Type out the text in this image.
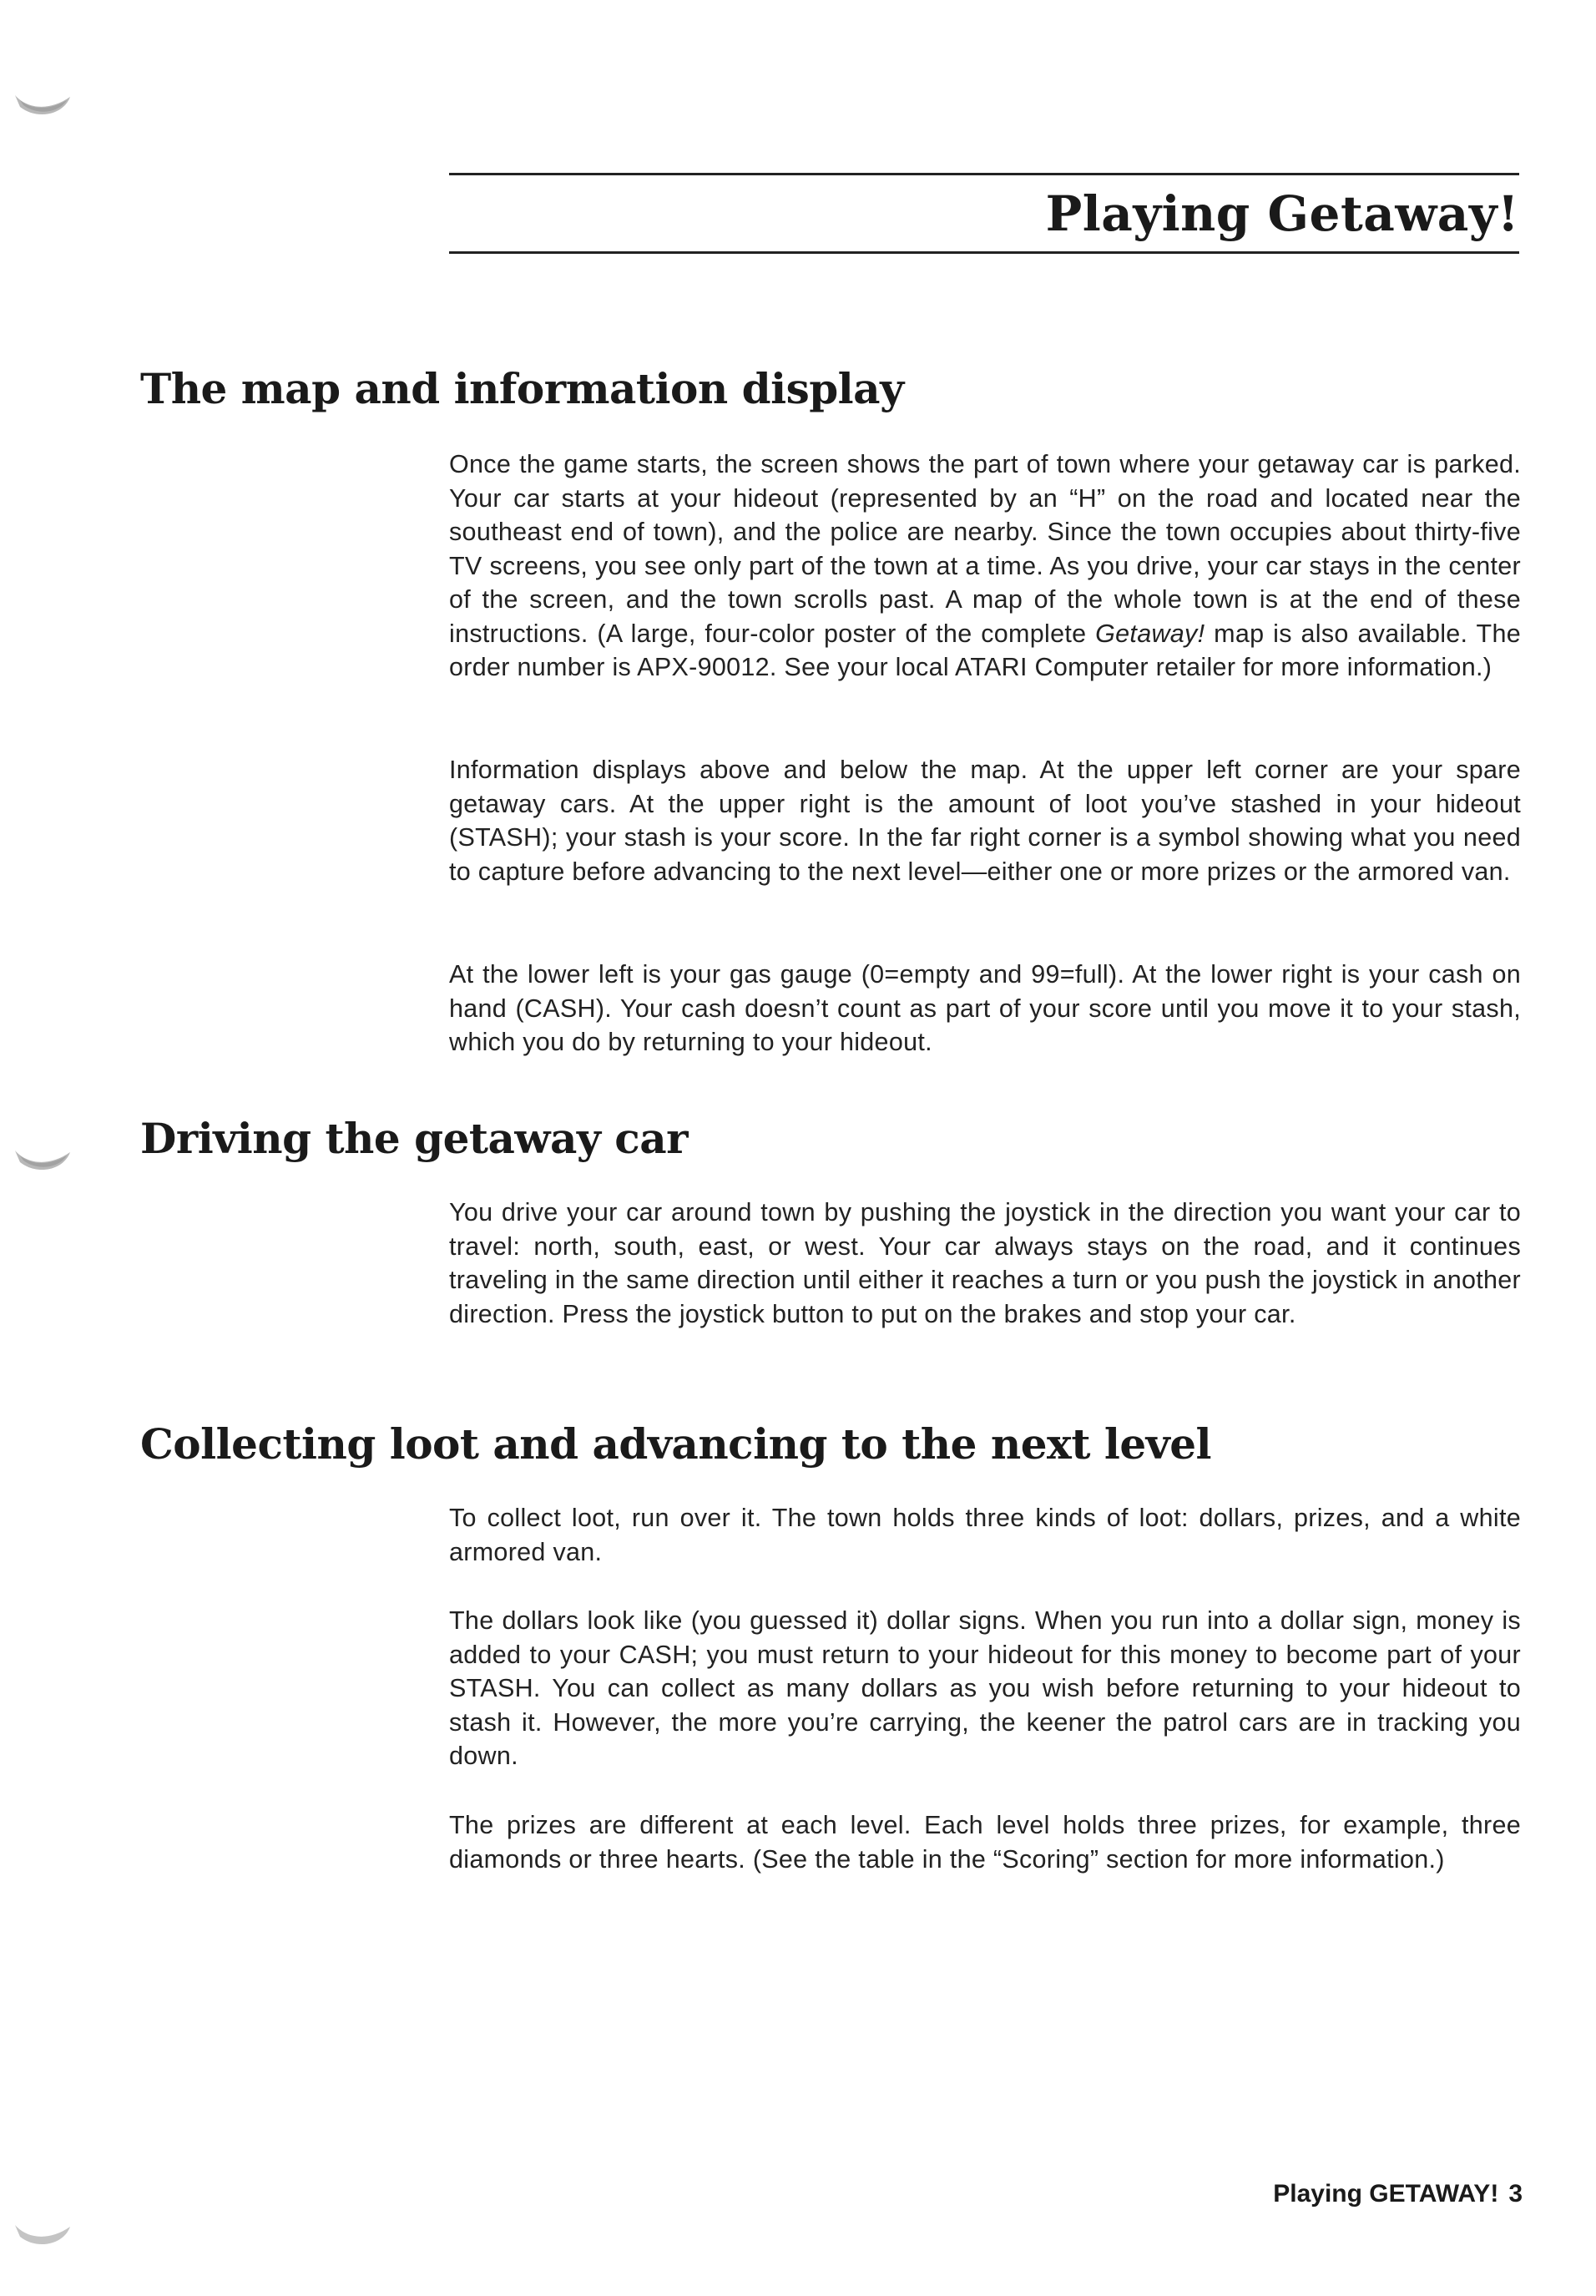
Playing Getaway!
The map and information display

Once the game starts, the screen shows the part of town where your getaway car is parked. Your car starts at your hideout (represented by an “H” on the road and located near the southeast end of town), and the police are nearby. Since the town occupies about thirty-five TV screens, you see only part of the town at a time. As you drive, your car stays in the center of the screen, and the town scrolls past. A map of the whole town is at the end of these instructions. (A large, four-color poster of the complete Getaway! map is also available. The order number is APX-90012. See your local ATARI Computer retailer for more information.)

Information displays above and below the map. At the upper left corner are your spare getaway cars. At the upper right is the amount of loot you’ve stashed in your hideout (STASH); your stash is your score. In the far right corner is a symbol showing what you need to capture before advancing to the next level—either one or more prizes or the armored van.

At the lower left is your gas gauge (0=empty and 99=full). At the lower right is your cash on hand (CASH). Your cash doesn’t count as part of your score until you move it to your stash, which you do by returning to your hideout.

Driving the getaway car

You drive your car around town by pushing the joystick in the direction you want your car to travel: north, south, east, or west. Your car always stays on the road, and it continues traveling in the same direction until either it reaches a turn or you push the joystick in another direction. Press the joystick button to put on the brakes and stop your car.

Collecting loot and advancing to the next level

To collect loot, run over it. The town holds three kinds of loot: dollars, prizes, and a white armored van.

The dollars look like (you guessed it) dollar signs. When you run into a dollar sign, money is added to your CASH; you must return to your hideout for this money to become part of your STASH. You can collect as many dollars as you wish before returning to your hideout to stash it. However, the more you’re carrying, the keener the patrol cars are in tracking you down.

The prizes are different at each level. Each level holds three prizes, for example, three diamonds or three hearts. (See the table in the “Scoring” section for more information.)

Playing GETAWAY! 3
